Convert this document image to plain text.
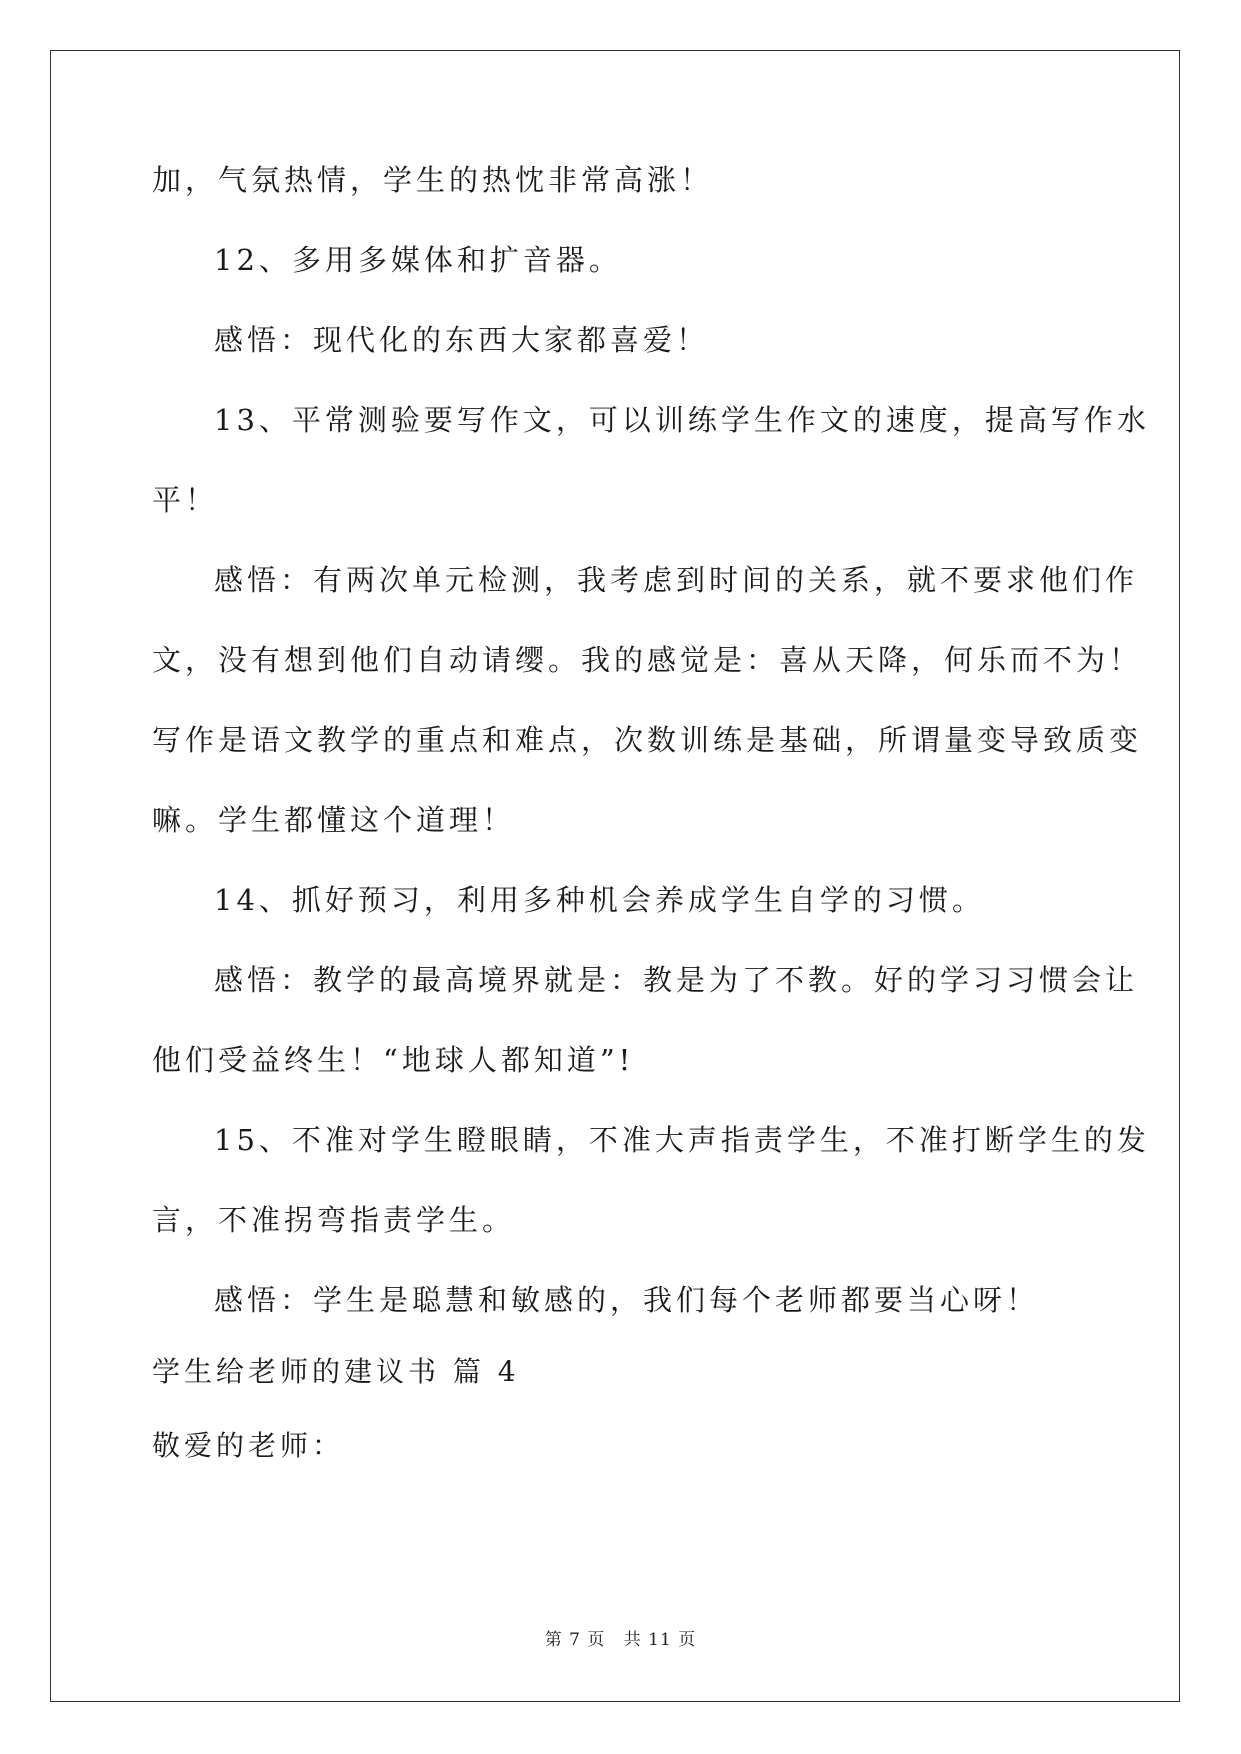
加，气氛热情，学生的热忱非常高涨！

12、多用多媒体和扩音器。

感悟：现代化的东西大家都喜爱！

13、平常测验要写作文，可以训练学生作文的速度，提高写作水

平！

感悟：有两次单元检测，我考虑到时间的关系，就不要求他们作

文，没有想到他们自动请缨。我的感觉是：喜从天降，何乐而不为！

写作是语文教学的重点和难点，次数训练是基础，所谓量变导致质变

嘛。学生都懂这个道理！

14、抓好预习，利用多种机会养成学生自学的习惯。

感悟：教学的最高境界就是：教是为了不教。好的学习习惯会让

他们受益终生！“地球人都知道”!

15、不准对学生瞪眼睛，不准大声指责学生，不准打断学生的发

言，不准拐弯指责学生。

感悟：学生是聪慧和敏感的，我们每个老师都要当心呀！

学生给老师的建议书 篇 4

敬爱的老师：

第 7 页 共 11 页
